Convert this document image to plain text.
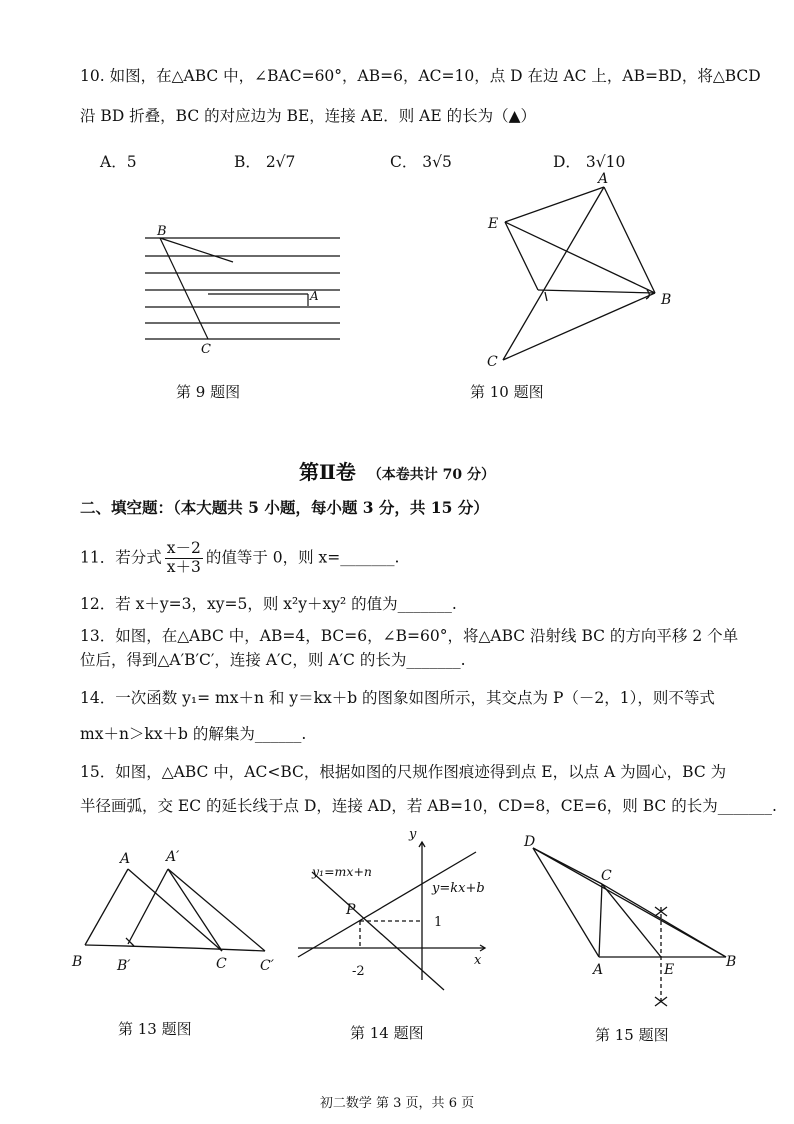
10. 如图，在△ABC 中，∠BAC=60°，AB=6，AC=10，点 D 在边 AC 上，AB=BD，将△BCD
沿 BD 折叠，BC 的对应边为 BE，连接 AE．则 AE 的长为（▲）
A．5	B． 2√7	C． 3√5	D． 3√10
B
A
C
第 9 题图
A
E
B
C
第 10 题图
第Ⅱ卷 （本卷共计 70 分）
二、填空题：（本大题共 5 小题，每小题 3 分，共 15 分）
11．若分式 $\frac{x-2}{x+3}$ 的值等于 0，则 x=_______.
12．若 x＋y=3，xy=5，则 x²y＋xy² 的值为_______.
13．如图，在△ABC 中，AB=4，BC=6，∠B=60°，将△ABC 沿射线 BC 的方向平移 2 个单
位后，得到△A′B′C′，连接 A′C，则 A′C 的长为_______.
14．一次函数 y₁= mx＋n 和 y＝kx＋b 的图象如图所示，其交点为 P（－2，1），则不等式
mx＋n＞kx＋b 的解集为______.
15．如图，△ABC 中，AC<BC，根据如图的尺规作图痕迹得到点 E，以点 A 为圆心，BC 为
半径画弧，交 EC 的延长线于点 D，连接 AD，若 AB=10，CD=8，CE=6，则 BC 的长为_______.
A	A′
B B′	C C′
第 13 题图
y
x
y₁=mx+n
y=kx+b
P
1
-2
第 14 题图
D
C
A	E	B
第 15 题图
初二数学 第 3 页，共 6 页
